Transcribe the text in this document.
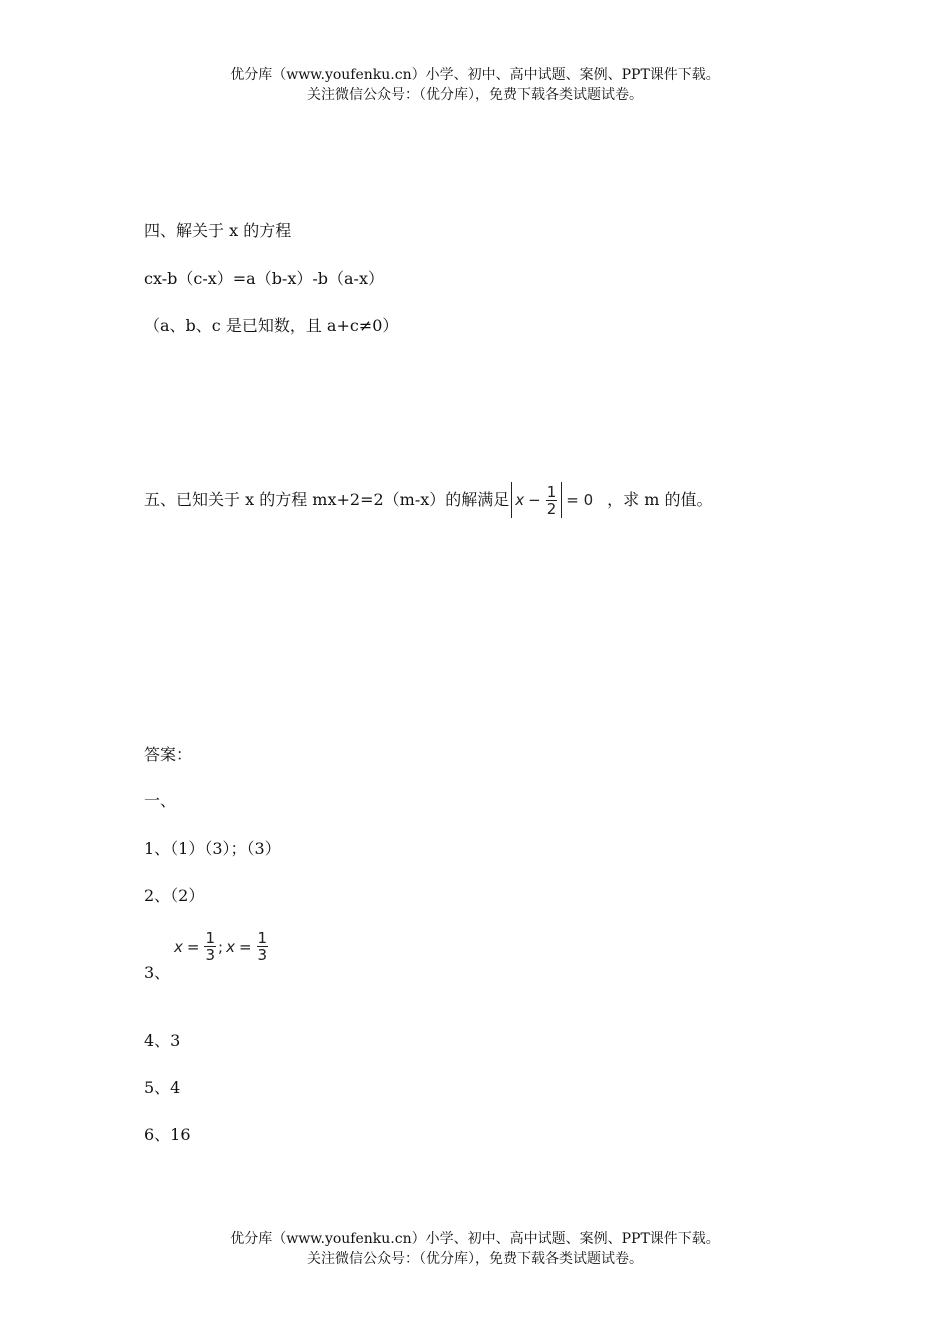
优分库（www.youfenku.cn）小学、初中、高中试题、案例、PPT课件下载。
关注微信公众号：（优分库），免费下载各类试题试卷。
四、解关于 x 的方程
cx-b（c-x）=a（b-x）-b（a-x）
（a、b、c 是已知数，且 a+c≠0）
五、已知关于 x 的方程 mx+2=2（m-x）的解满足 $x - \frac{1}{2} = 0$ ，求 m 的值。
答案：
一、
1、（1）（3）；（3）
2、（2）
3、
$x = \frac{1}{3}$ ; $x = \frac{1}{3}$
4、3
5、4
6、16
优分库（www.youfenku.cn）小学、初中、高中试题、案例、PPT课件下载。
关注微信公众号：（优分库），免费下载各类试题试卷。
